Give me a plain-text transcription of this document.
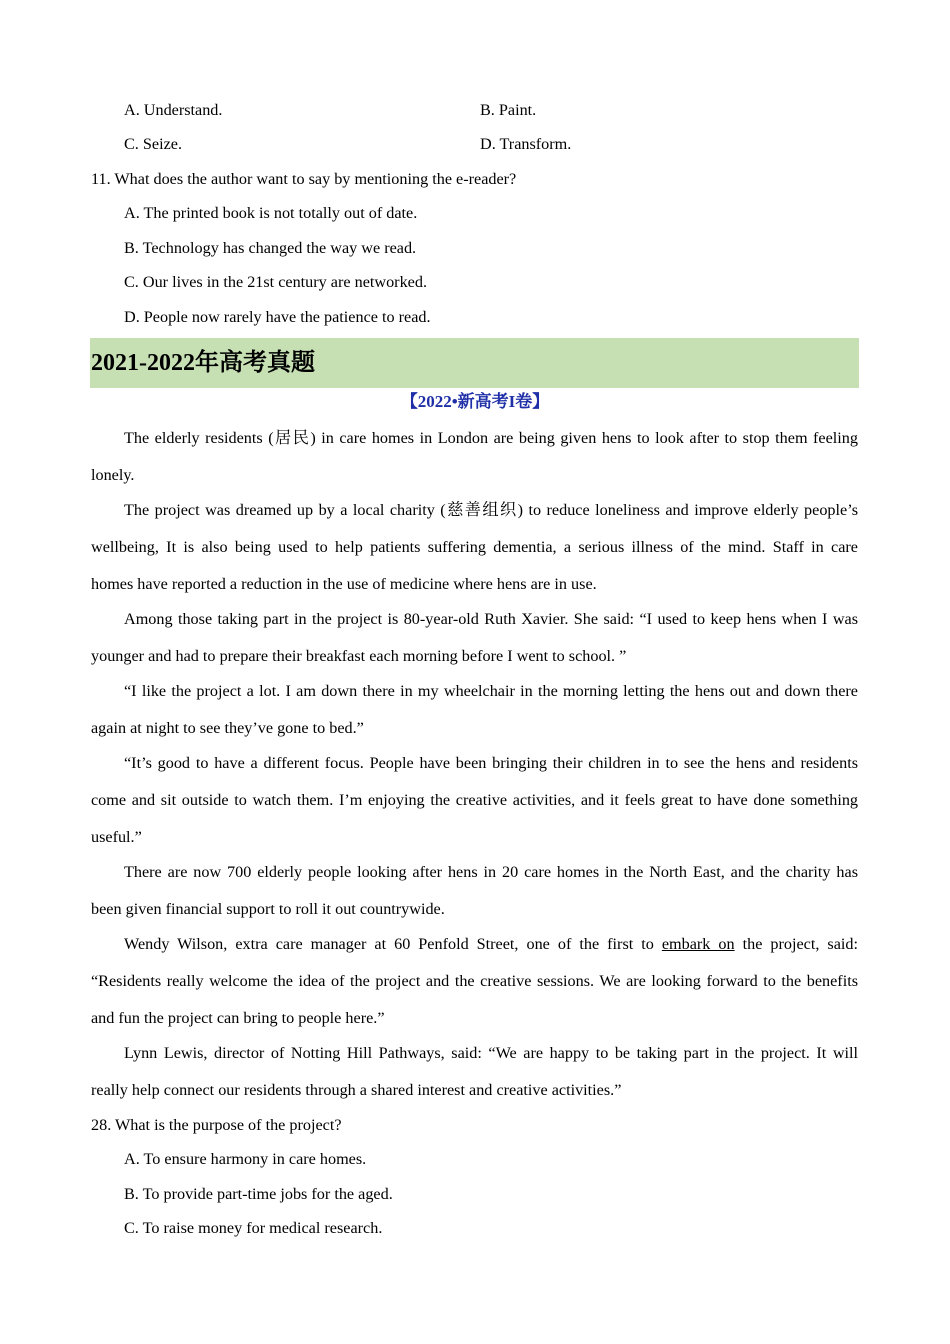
A. Understand.	B. Paint.
C. Seize.	D. Transform.
11. What does the author want to say by mentioning the e-reader?
A. The printed book is not totally out of date.
B. Technology has changed the way we read.
C. Our lives in the 21st century are networked.
D. People now rarely have the patience to read.
2021-2022年高考真题
【2022•新高考I卷】
The elderly residents (居民) in care homes in London are being given hens to look after to stop them feeling
lonely.
The project was dreamed up by a local charity (慈善组织) to reduce loneliness and improve elderly people’s
wellbeing, It is also being used to help patients suffering dementia, a serious illness of the mind. Staff in care
homes have reported a reduction in the use of medicine where hens are in use.
Among those taking part in the project is 80-year-old Ruth Xavier. She said: “I used to keep hens when I was
younger and had to prepare their breakfast each morning before I went to school. ”
“I like the project a lot. I am down there in my wheelchair in the morning letting the hens out and down there
again at night to see they’ve gone to bed.”
“It’s good to have a different focus. People have been bringing their children in to see the hens and residents
come and sit outside to watch them. I’m enjoying the creative activities, and it feels great to have done something
useful.”
There are now 700 elderly people looking after hens in 20 care homes in the North East, and the charity has
been given financial support to roll it out countrywide.
Wendy Wilson, extra care manager at 60 Penfold Street, one of the first to embark on the project, said:
“Residents really welcome the idea of the project and the creative sessions. We are looking forward to the benefits
and fun the project can bring to people here.”
Lynn Lewis, director of Notting Hill Pathways, said: “We are happy to be taking part in the project. It will
really help connect our residents through a shared interest and creative activities.”
28. What is the purpose of the project?
A. To ensure harmony in care homes.
B. To provide part-time jobs for the aged.
C. To raise money for medical research.
